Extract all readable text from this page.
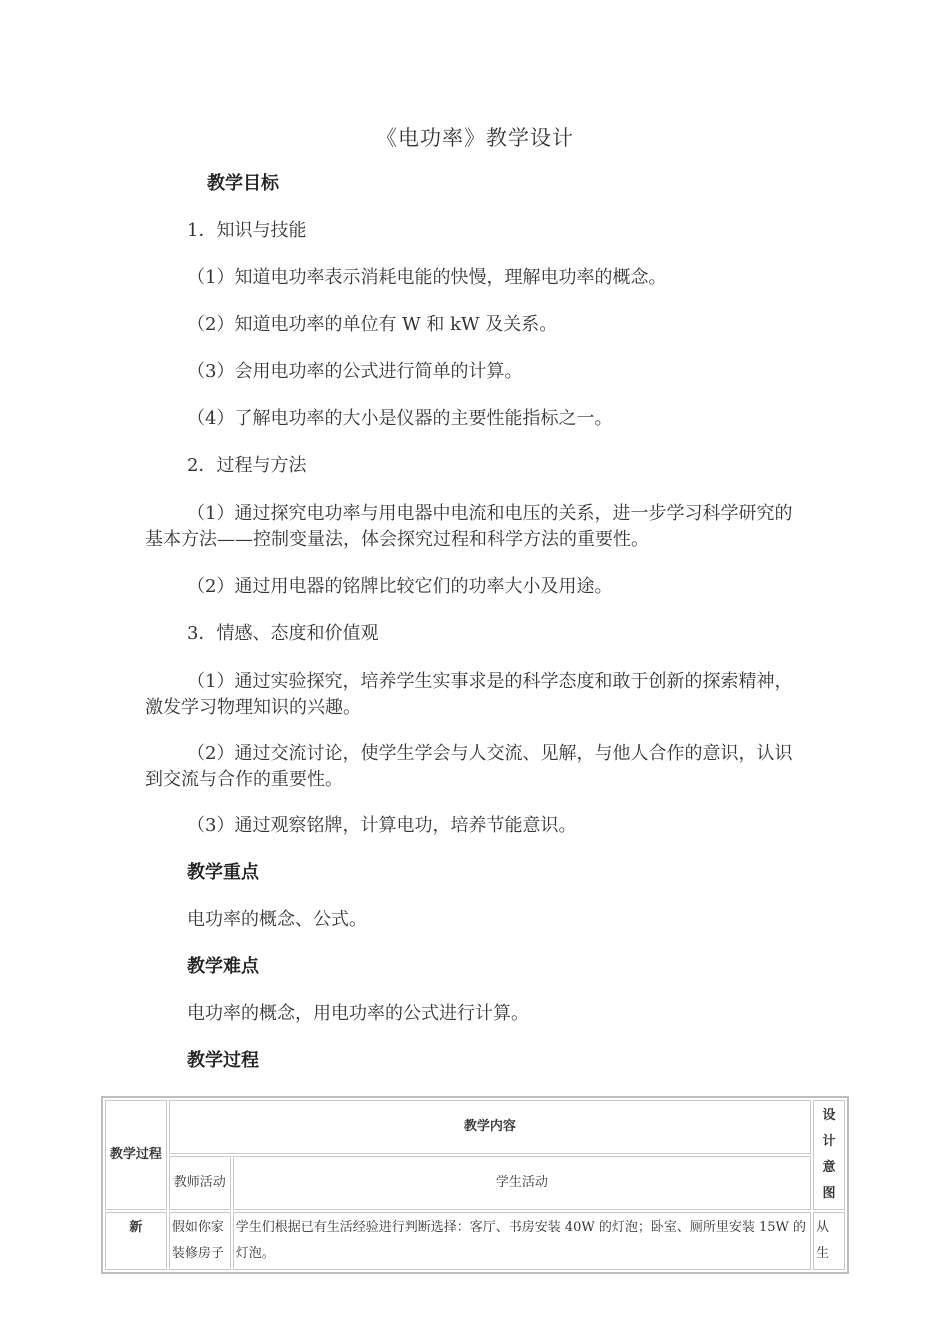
《电功率》教学设计
教学目标
1．知识与技能
（1）知道电功率表示消耗电能的快慢，理解电功率的概念。
（2）知道电功率的单位有 W 和 kW 及关系。
（3）会用电功率的公式进行简单的计算。
（4）了解电功率的大小是仪器的主要性能指标之一。
2．过程与方法
（1）通过探究电功率与用电器中电流和电压的关系，进一步学习科学研究的基本方法——控制变量法，体会探究过程和科学方法的重要性。
（2）通过用电器的铭牌比较它们的功率大小及用途。
3．情感、态度和价值观
（1）通过实验探究，培养学生实事求是的科学态度和敢于创新的探索精神，激发学习物理知识的兴趣。
（2）通过交流讨论，使学生学会与人交流、见解，与他人合作的意识，认识到交流与合作的重要性。
（3）通过观察铭牌，计算电功，培养节能意识。
教学重点
电功率的概念、公式。
教学难点
电功率的概念，用电功率的公式进行计算。
教学过程
教学过程	教学内容		设计意图
	教师活动	学生活动	
新	假如你家装修房子	学生们根据已有生活经验进行判断选择：客厅、书房安装 40W 的灯泡；卧室、厕所里安装 15W 的灯泡。	从生
